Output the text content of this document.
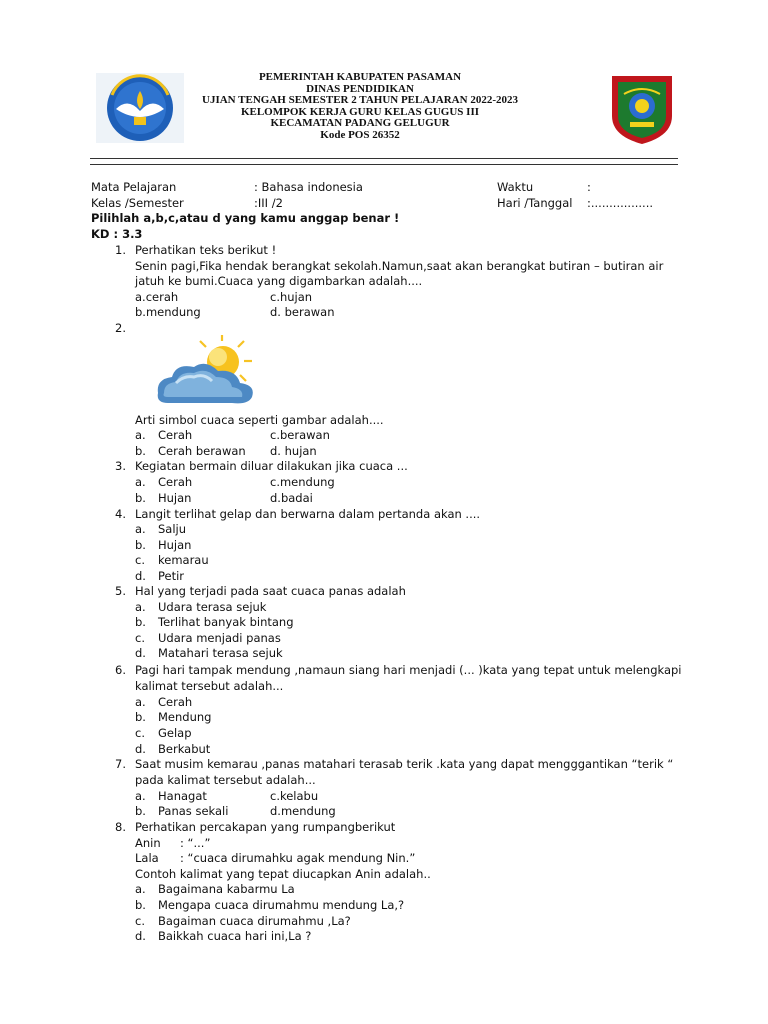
PEMERINTAH KABUPATEN PASAMAN
DINAS PENDIDIKAN
UJIAN TENGAH SEMESTER 2 TAHUN PELAJARAN 2022-2023
KELOMPOK KERJA GURU KELAS GUGUS III
KECAMATAN PADANG GELUGUR
Kode POS 26352
Mata Pelajaran	: Bahasa indonesia	Waktu	:
Kelas /Semester	:III /2	Hari /Tanggal :.................
Pilihlah a,b,c,atau d yang kamu anggap benar !
KD : 3.3
1. Perhatikan teks berikut !
Senin pagi,Fika hendak berangkat sekolah.Namun,saat akan berangkat butiran – butiran air
jatuh ke bumi.Cuaca yang digambarkan adalah....
a.cerah	c.hujan
b.mendung	d. berawan
2.
Arti simbol cuaca seperti gambar adalah....
a. Cerah	c.berawan
b. Cerah berawan d. hujan
3. Kegiatan bermain diluar dilakukan jika cuaca ...
a. Cerah	c.mendung
b. Hujan	d.badai
4. Langit terlihat gelap dan berwarna dalam pertanda akan ....
a. Salju
b. Hujan
c. kemarau
d. Petir
5. Hal yang terjadi pada saat cuaca panas adalah
a. Udara terasa sejuk
b. Terlihat banyak bintang
c. Udara menjadi panas
d. Matahari terasa sejuk
6. Pagi hari tampak mendung ,namaun siang hari menjadi (... )kata yang tepat untuk melengkapi
kalimat tersebut adalah...
a. Cerah
b. Mendung
c. Gelap
d. Berkabut
7. Saat musim kemarau ,panas matahari terasab terik .kata yang dapat mengggantikan “terik “
pada kalimat tersebut adalah...
a. Hanagat	c.kelabu
b. Panas sekali	d.mendung
8. Perhatikan percakapan yang rumpangberikut
Anin : “...”
Lala : “cuaca dirumahku agak mendung Nin.”
Contoh kalimat yang tepat diucapkan Anin adalah..
a. Bagaimana kabarmu La
b. Mengapa cuaca dirumahmu mendung La,?
c. Bagaiman cuaca dirumahmu ,La?
d. Baikkah cuaca hari ini,La ?
